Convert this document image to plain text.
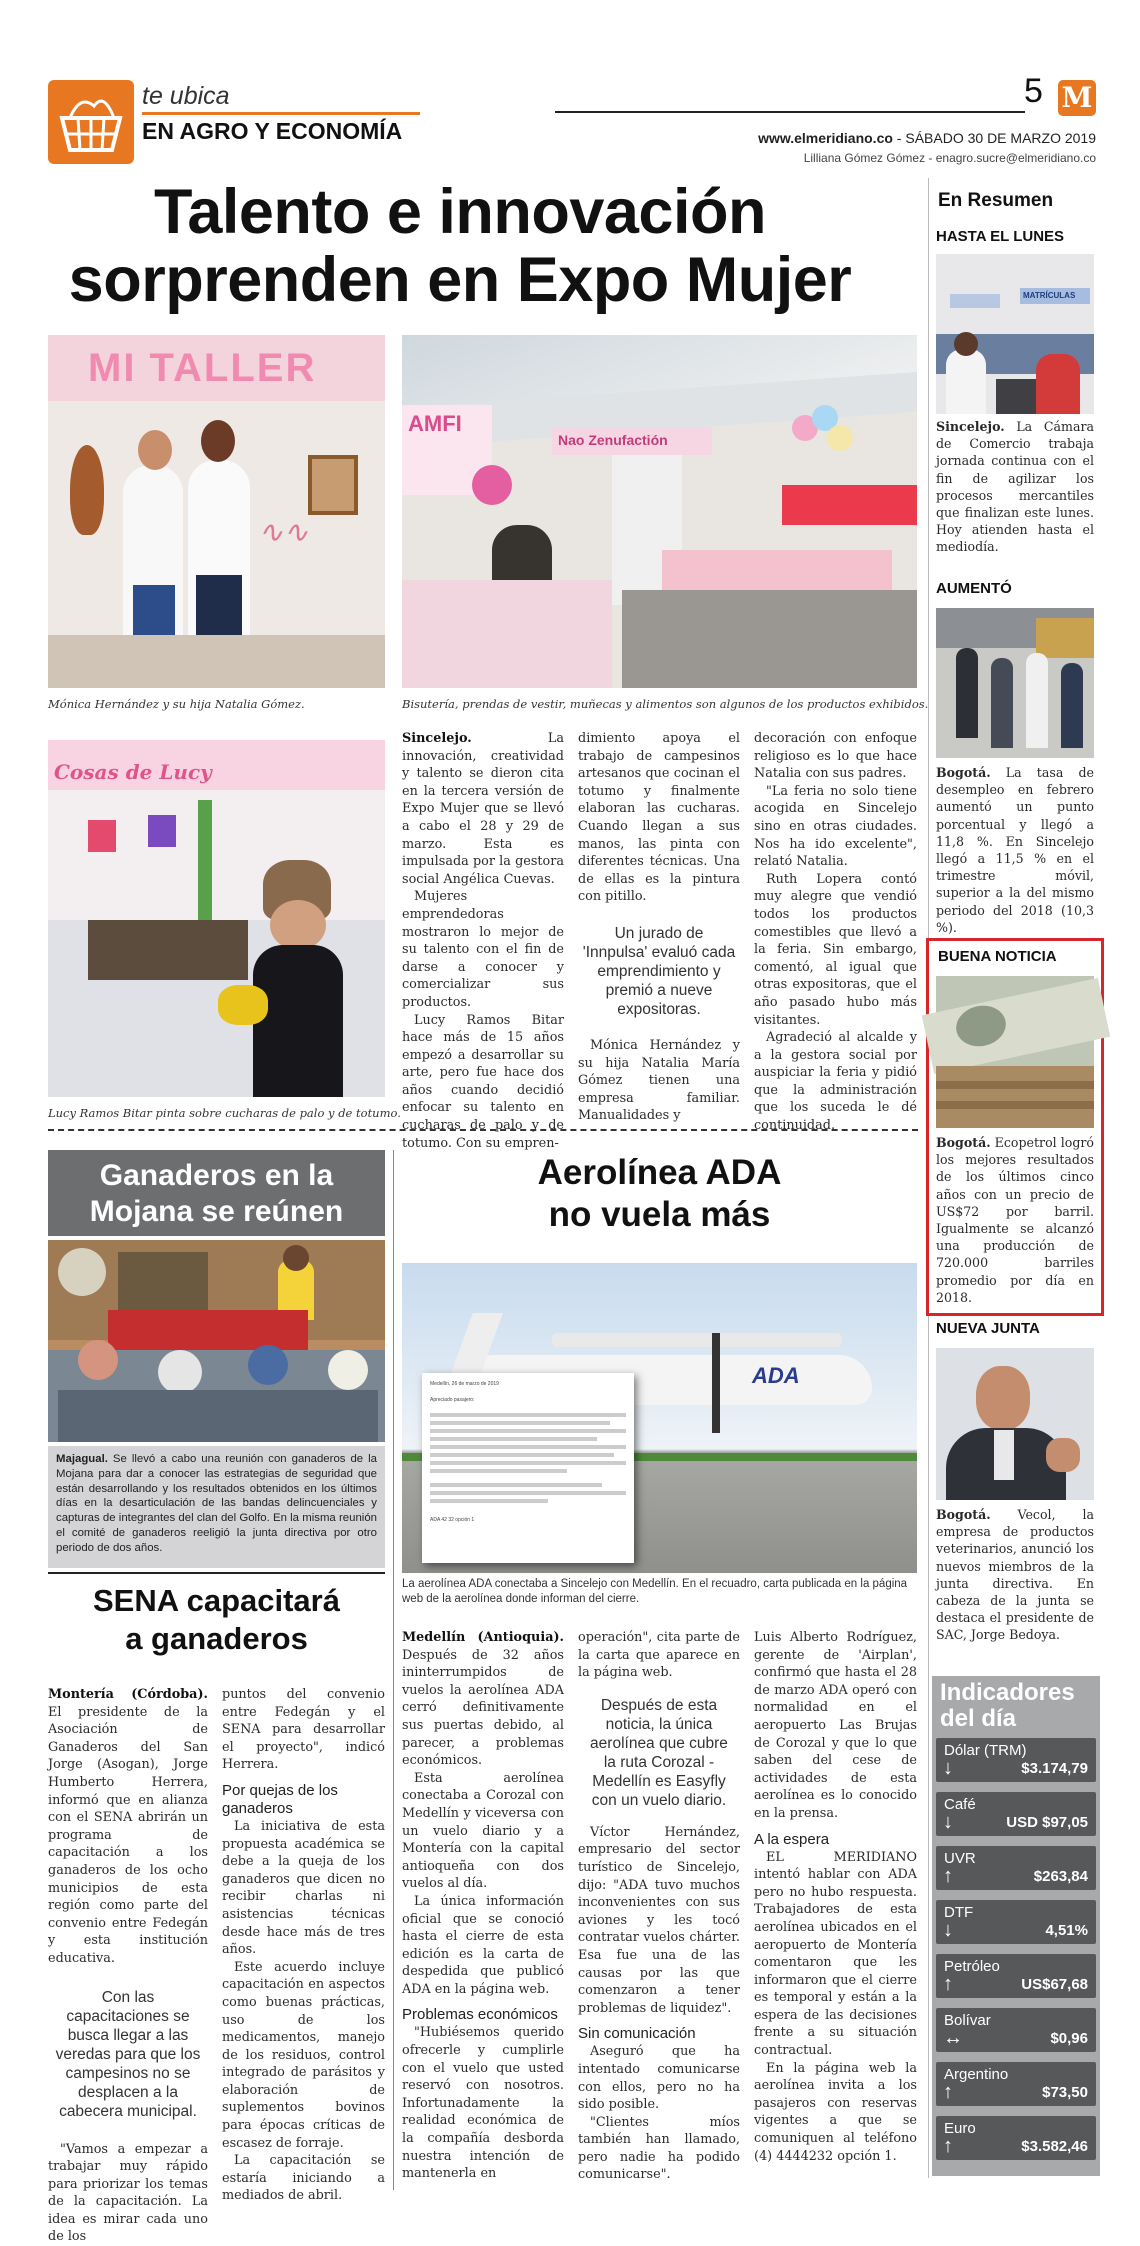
te ubica
EN AGRO Y ECONOMÍA
5 M
www.elmeridiano.co - SÁBADO 30 DE MARZO 2019
Lilliana Gómez Gómez - enagro.sucre@elmeridiano.co
Talento e innovación
sorprenden en Expo Mujer
MI TALLER
∿∿
Mónica Hernández y su hija Natalia Gómez.
AMFI
Nao Zenufactión
Bisutería, prendas de vestir, muñecas y alimentos son algunos de los productos exhibidos.
Cosas de Lucy
Lucy Ramos Bitar pinta sobre cucharas de palo y de totumo.

Sincelejo. La innovación, creatividad y talento se dieron cita en la tercera versión de Expo Mujer que se llevó a cabo el 28 y 29 de marzo. Esta es impulsada por la gestora social Angélica Cuevas.

Mujeres emprendedoras mostraron lo mejor de su talento con el fin de darse a conocer y comercializar sus productos.

Lucy Ramos Bitar hace más de 15 años empezó a desarrollar su arte, pero fue hace dos años cuando decidió enfocar su talento en cucharas de palo y de totumo. Con su empren-

dimiento apoya el trabajo de campesinos artesanos que cocinan el totumo y finalmente elaboran las cucharas. Cuando llegan a sus manos, las pinta con diferentes técnicas. Una de ellas es la pintura con pitillo.

Un jurado de 'Innpulsa' evaluó cada emprendimiento y premió a nueve expositoras.

Mónica Hernández y su hija Natalia María Gómez tienen una empresa familiar. Manualidades y

decoración con enfoque religioso es lo que hace Natalia con sus padres.

"La feria no solo tiene acogida en Sincelejo sino en otras ciudades. Nos ha ido excelente", relató Natalia.

Ruth Lopera contó muy alegre que vendió todos los productos comestibles que llevó a la feria. Sin embargo, comentó, al igual que otras expositoras, que el año pasado hubo más visitantes.

Agradeció al alcalde y a la gestora social por auspiciar la feria y pidió que la administración que los suceda le dé continuidad.

Ganaderos en la
Mojana se reúnen
Majagual. Se llevó a cabo una reunión con ganaderos de la Mojana para dar a conocer las estrategias de seguridad que están desarrollando y los resultados obtenidos en los últimos días en la desarticulación de las bandas delincuenciales y capturas de integrantes del clan del Golfo. En la misma reunión el comité de ganaderos reeligió la junta directiva por otro periodo de dos años.
SENA capacitará
a ganaderos

Montería (Córdoba). El presidente de la Asociación de Ganaderos del San Jorge (Asogan), Jorge Humberto Herrera, informó que en alianza con el SENA abrirán un programa de capacitación a los ganaderos de los ocho municipios de esta región como parte del convenio entre Fedegán y esta institución educativa.

Con las capacitaciones se busca llegar a las veredas para que los campesinos no se desplacen a la cabecera municipal.

"Vamos a empezar a trabajar muy rápido para priorizar los temas de la capacitación. La idea es mirar cada uno de los

puntos del convenio entre Fedegán y el SENA para desarrollar el proyecto", indicó Herrera.

Por quejas de los ganaderos

La iniciativa de esta propuesta académica se debe a la queja de los ganaderos que dicen no recibir charlas ni asistencias técnicas desde hace más de tres años.

Este acuerdo incluye capacitación en aspectos como buenas prácticas, uso de los medicamentos, manejo de los residuos, control integrado de parásitos y elaboración de suplementos bovinos para épocas críticas de escasez de forraje.

La capacitación se estaría iniciando a mediados de abril.

Aerolínea ADA
no vuela más
ADA
Medellín, 26 de marzo de 2019
Apreciado pasajero:
ADA 42 32 opción 1
La aerolínea ADA conectaba a Sincelejo con Medellín. En el recuadro, carta publicada en la página web de la aerolínea donde informan del cierre.

Medellín (Antioquia). Después de 32 años ininterrumpidos de vuelos la aerolínea ADA cerró definitivamente sus puertas debido, al parecer, a problemas económicos.

Esta aerolínea conectaba a Corozal con Medellín y viceversa con un vuelo diario y a Montería con la capital antioqueña con dos vuelos al día.

La única información oficial que se conoció hasta el cierre de esta edición es la carta de despedida que publicó ADA en la página web.

Problemas económicos

"Hubiésemos querido ofrecerle y cumplirle con el vuelo que usted reservó con nosotros. Infortunadamente la realidad económica de la compañía desborda nuestra intención de mantenerla en

operación", cita parte de la carta que aparece en la página web.

Después de esta noticia, la única aerolínea que cubre la ruta Corozal - Medellín es Easyfly con un vuelo diario.

Víctor Hernández, empresario del sector turístico de Sincelejo, dijo: "ADA tuvo muchos inconvenientes con sus aviones y les tocó contratar vuelos chárter. Esa fue una de las causas por las que comenzaron a tener problemas de liquidez".

Sin comunicación

Aseguró que ha intentado comunicarse con ellos, pero no ha sido posible.

"Clientes míos también han llamado, pero nadie ha podido comunicarse".

Luis Alberto Rodríguez, gerente de 'Airplan', confirmó que hasta el 28 de marzo ADA operó con normalidad en el aeropuerto Las Brujas de Corozal y que lo que saben del cese de actividades de esta aerolínea es lo conocido en la prensa.

A la espera

EL MERIDIANO intentó hablar con ADA pero no hubo respuesta. Trabajadores de esta aerolínea ubicados en el aeropuerto de Montería comentaron que les informaron que el cierre es temporal y están a la espera de las decisiones frente a su situación contractual.

En la página web la aerolínea invita a los pasajeros con reservas vigentes a que se comuniquen al teléfono (4) 4444232 opción 1.

En Resumen
HASTA EL LUNES
MATRÍCULAS
Sincelejo. La Cámara de Comercio trabaja jornada continua con el fin de agilizar los procesos mercantiles que finalizan este lunes. Hoy atienden hasta el mediodía.
AUMENTÓ
Bogotá. La tasa de desempleo en febrero aumentó un punto porcentual y llegó a 11,8 %. En Sincelejo llegó a 11,5 % en el trimestre móvil, superior a la del mismo periodo del 2018 (10,3 %).
BUENA NOTICIA
Bogotá. Ecopetrol logró los mejores resultados de los últimos cinco años con un precio de US$72 por barril. Igualmente se alcanzó una producción de 720.000 barriles promedio por día en 2018.
NUEVA JUNTA
Bogotá. Vecol, la empresa de productos veterinarios, anunció los nuevos miembros de la junta directiva. En cabeza de la junta se destaca el presidente de SAC, Jorge Bedoya.
Indicadores
del día
Dólar (TRM)
↓	$3.174,79
Café
↓	USD $97,05
UVR
↑	$263,84
DTF
↓	4,51%
Petróleo
↑	US$67,68
Bolívar
↔	$0,96
Argentino
↑	$73,50
Euro
↑	$3.582,46
